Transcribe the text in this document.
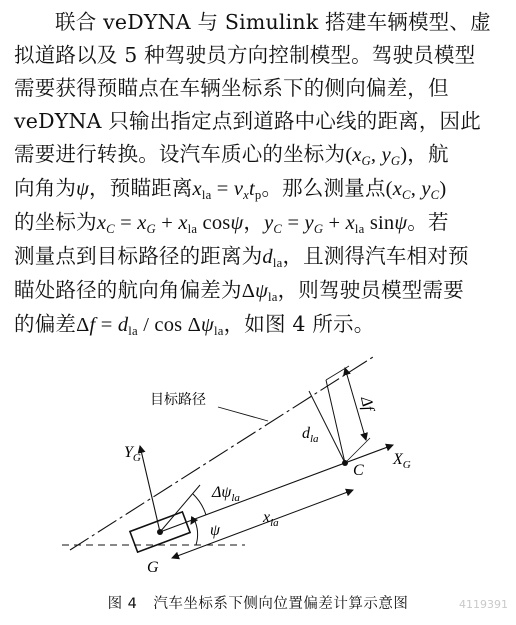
联合 veDYNA 与 Simulink 搭建车辆模型、虚
拟道路以及 5 种驾驶员方向控制模型。驾驶员模型
需要获得预瞄点在车辆坐标系下的侧向偏差，但
veDYNA 只输出指定点到道路中心线的距离，因此
需要进行转换。设汽车质心的坐标为($x_G$, $y_G$)，航
向角为ψ，预瞄距离$x_{la} = v_xt_p$。那么测量点($x_C$, $y_C$)
的坐标为$x_C = x_G + x_{la}$ cosψ，$y_C = y_G + x_{la}$ sinψ。若
测量点到目标路径的距离为$d_{la}$，且测得汽车相对预
瞄处路径的航向角偏差为$\Delta\psi_{la}$，则驾驶员模型需要
的偏差$\Delta f = d_{la} / \cos \Delta\psi_{la}$，如图 4 所示。
目标路径
$Y_G$	$X_G$
G
C
ψ
$\Delta\psi_{la}$
$x_{la}$
$d_{la}$
Δf
图 4 汽车坐标系下侧向位置偏差计算示意图	4119391
